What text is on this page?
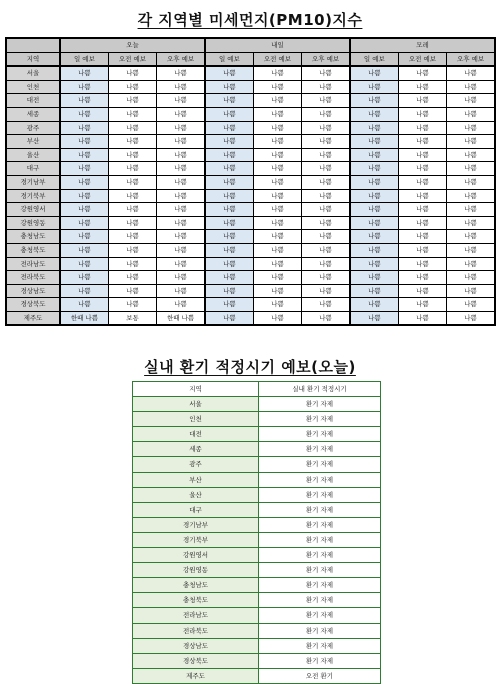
각 지역별 미세먼지(PM10)지수
	오늘			내일			모레		
지역	일 예보	오전 예보	오후 예보	일 예보	오전 예보	오후 예보	일 예보	오전 예보	오후 예보
서울	나쁨	나쁨	나쁨	나쁨	나쁨	나쁨	나쁨	나쁨	나쁨
인천	나쁨	나쁨	나쁨	나쁨	나쁨	나쁨	나쁨	나쁨	나쁨
대전	나쁨	나쁨	나쁨	나쁨	나쁨	나쁨	나쁨	나쁨	나쁨
세종	나쁨	나쁨	나쁨	나쁨	나쁨	나쁨	나쁨	나쁨	나쁨
광주	나쁨	나쁨	나쁨	나쁨	나쁨	나쁨	나쁨	나쁨	나쁨
부산	나쁨	나쁨	나쁨	나쁨	나쁨	나쁨	나쁨	나쁨	나쁨
울산	나쁨	나쁨	나쁨	나쁨	나쁨	나쁨	나쁨	나쁨	나쁨
대구	나쁨	나쁨	나쁨	나쁨	나쁨	나쁨	나쁨	나쁨	나쁨
경기남부	나쁨	나쁨	나쁨	나쁨	나쁨	나쁨	나쁨	나쁨	나쁨
경기북부	나쁨	나쁨	나쁨	나쁨	나쁨	나쁨	나쁨	나쁨	나쁨
강원영서	나쁨	나쁨	나쁨	나쁨	나쁨	나쁨	나쁨	나쁨	나쁨
강원영동	나쁨	나쁨	나쁨	나쁨	나쁨	나쁨	나쁨	나쁨	나쁨
충청남도	나쁨	나쁨	나쁨	나쁨	나쁨	나쁨	나쁨	나쁨	나쁨
충청북도	나쁨	나쁨	나쁨	나쁨	나쁨	나쁨	나쁨	나쁨	나쁨
전라남도	나쁨	나쁨	나쁨	나쁨	나쁨	나쁨	나쁨	나쁨	나쁨
전라북도	나쁨	나쁨	나쁨	나쁨	나쁨	나쁨	나쁨	나쁨	나쁨
경상남도	나쁨	나쁨	나쁨	나쁨	나쁨	나쁨	나쁨	나쁨	나쁨
경상북도	나쁨	나쁨	나쁨	나쁨	나쁨	나쁨	나쁨	나쁨	나쁨
제주도	한때 나쁨	보통	한때 나쁨	나쁨	나쁨	나쁨	나쁨	나쁨	나쁨
실내 환기 적정시기 예보(오늘)
지역	실내 환기 적정시기
서울	환기 자제
인천	환기 자제
대전	환기 자제
세종	환기 자제
광주	환기 자제
부산	환기 자제
울산	환기 자제
대구	환기 자제
경기남부	환기 자제
경기북부	환기 자제
강원영서	환기 자제
강원영동	환기 자제
충청남도	환기 자제
충청북도	환기 자제
전라남도	환기 자제
전라북도	환기 자제
경상남도	환기 자제
경상북도	환기 자제
제주도	오전 환기
